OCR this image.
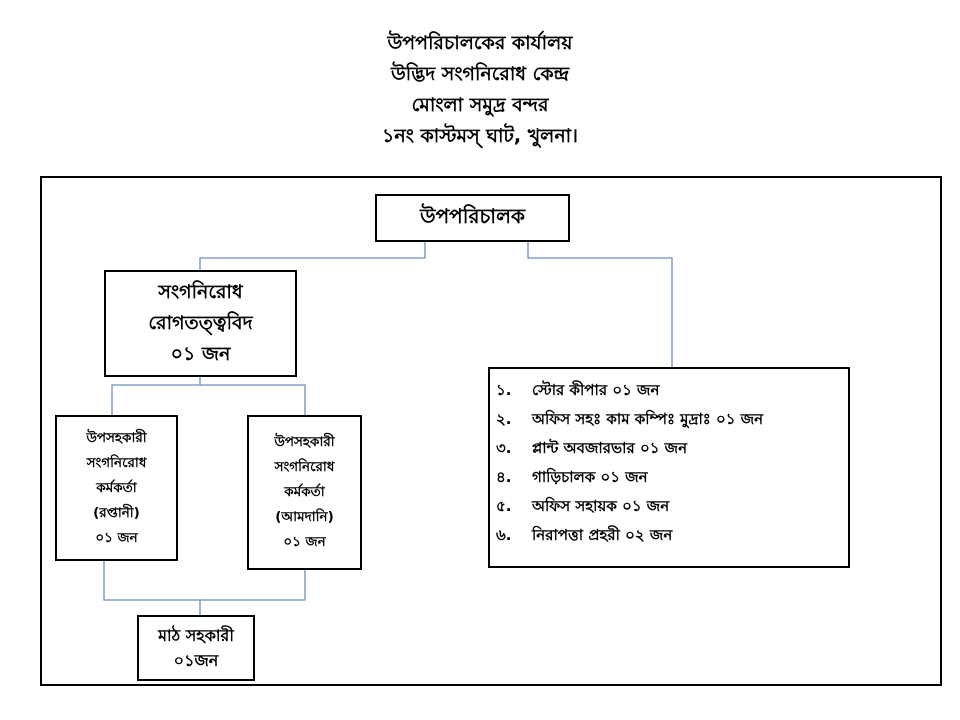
উপপরিচালকের কার্যালয়
উদ্ভিদ সংগনিরোধ কেন্দ্র
মোংলা সমুদ্র বন্দর
১নং কাস্টমস্ ঘাট, খুলনা।
উপপরিচালক
সংগনিরোধ
রোগতত্ত্ববিদ
০১ জন
উপসহকারী
সংগনিরোধ
কর্মকর্তা
(রপ্তানী)
০১ জন
উপসহকারী
সংগনিরোধ
কর্মকর্তা
(আমদানি)
০১ জন
মাঠ সহকারী
০১জন
১.	স্টোর কীপার ০১ জন
২.	অফিস সহঃ কাম কম্পিঃ মুদ্রাঃ ০১ জন
৩.	প্লান্ট অবজারভার ০১ জন
৪.	গাড়িচালক ০১ জন
৫.	অফিস সহায়ক ০১ জন
৬.	নিরাপত্তা প্রহরী ০২ জন
